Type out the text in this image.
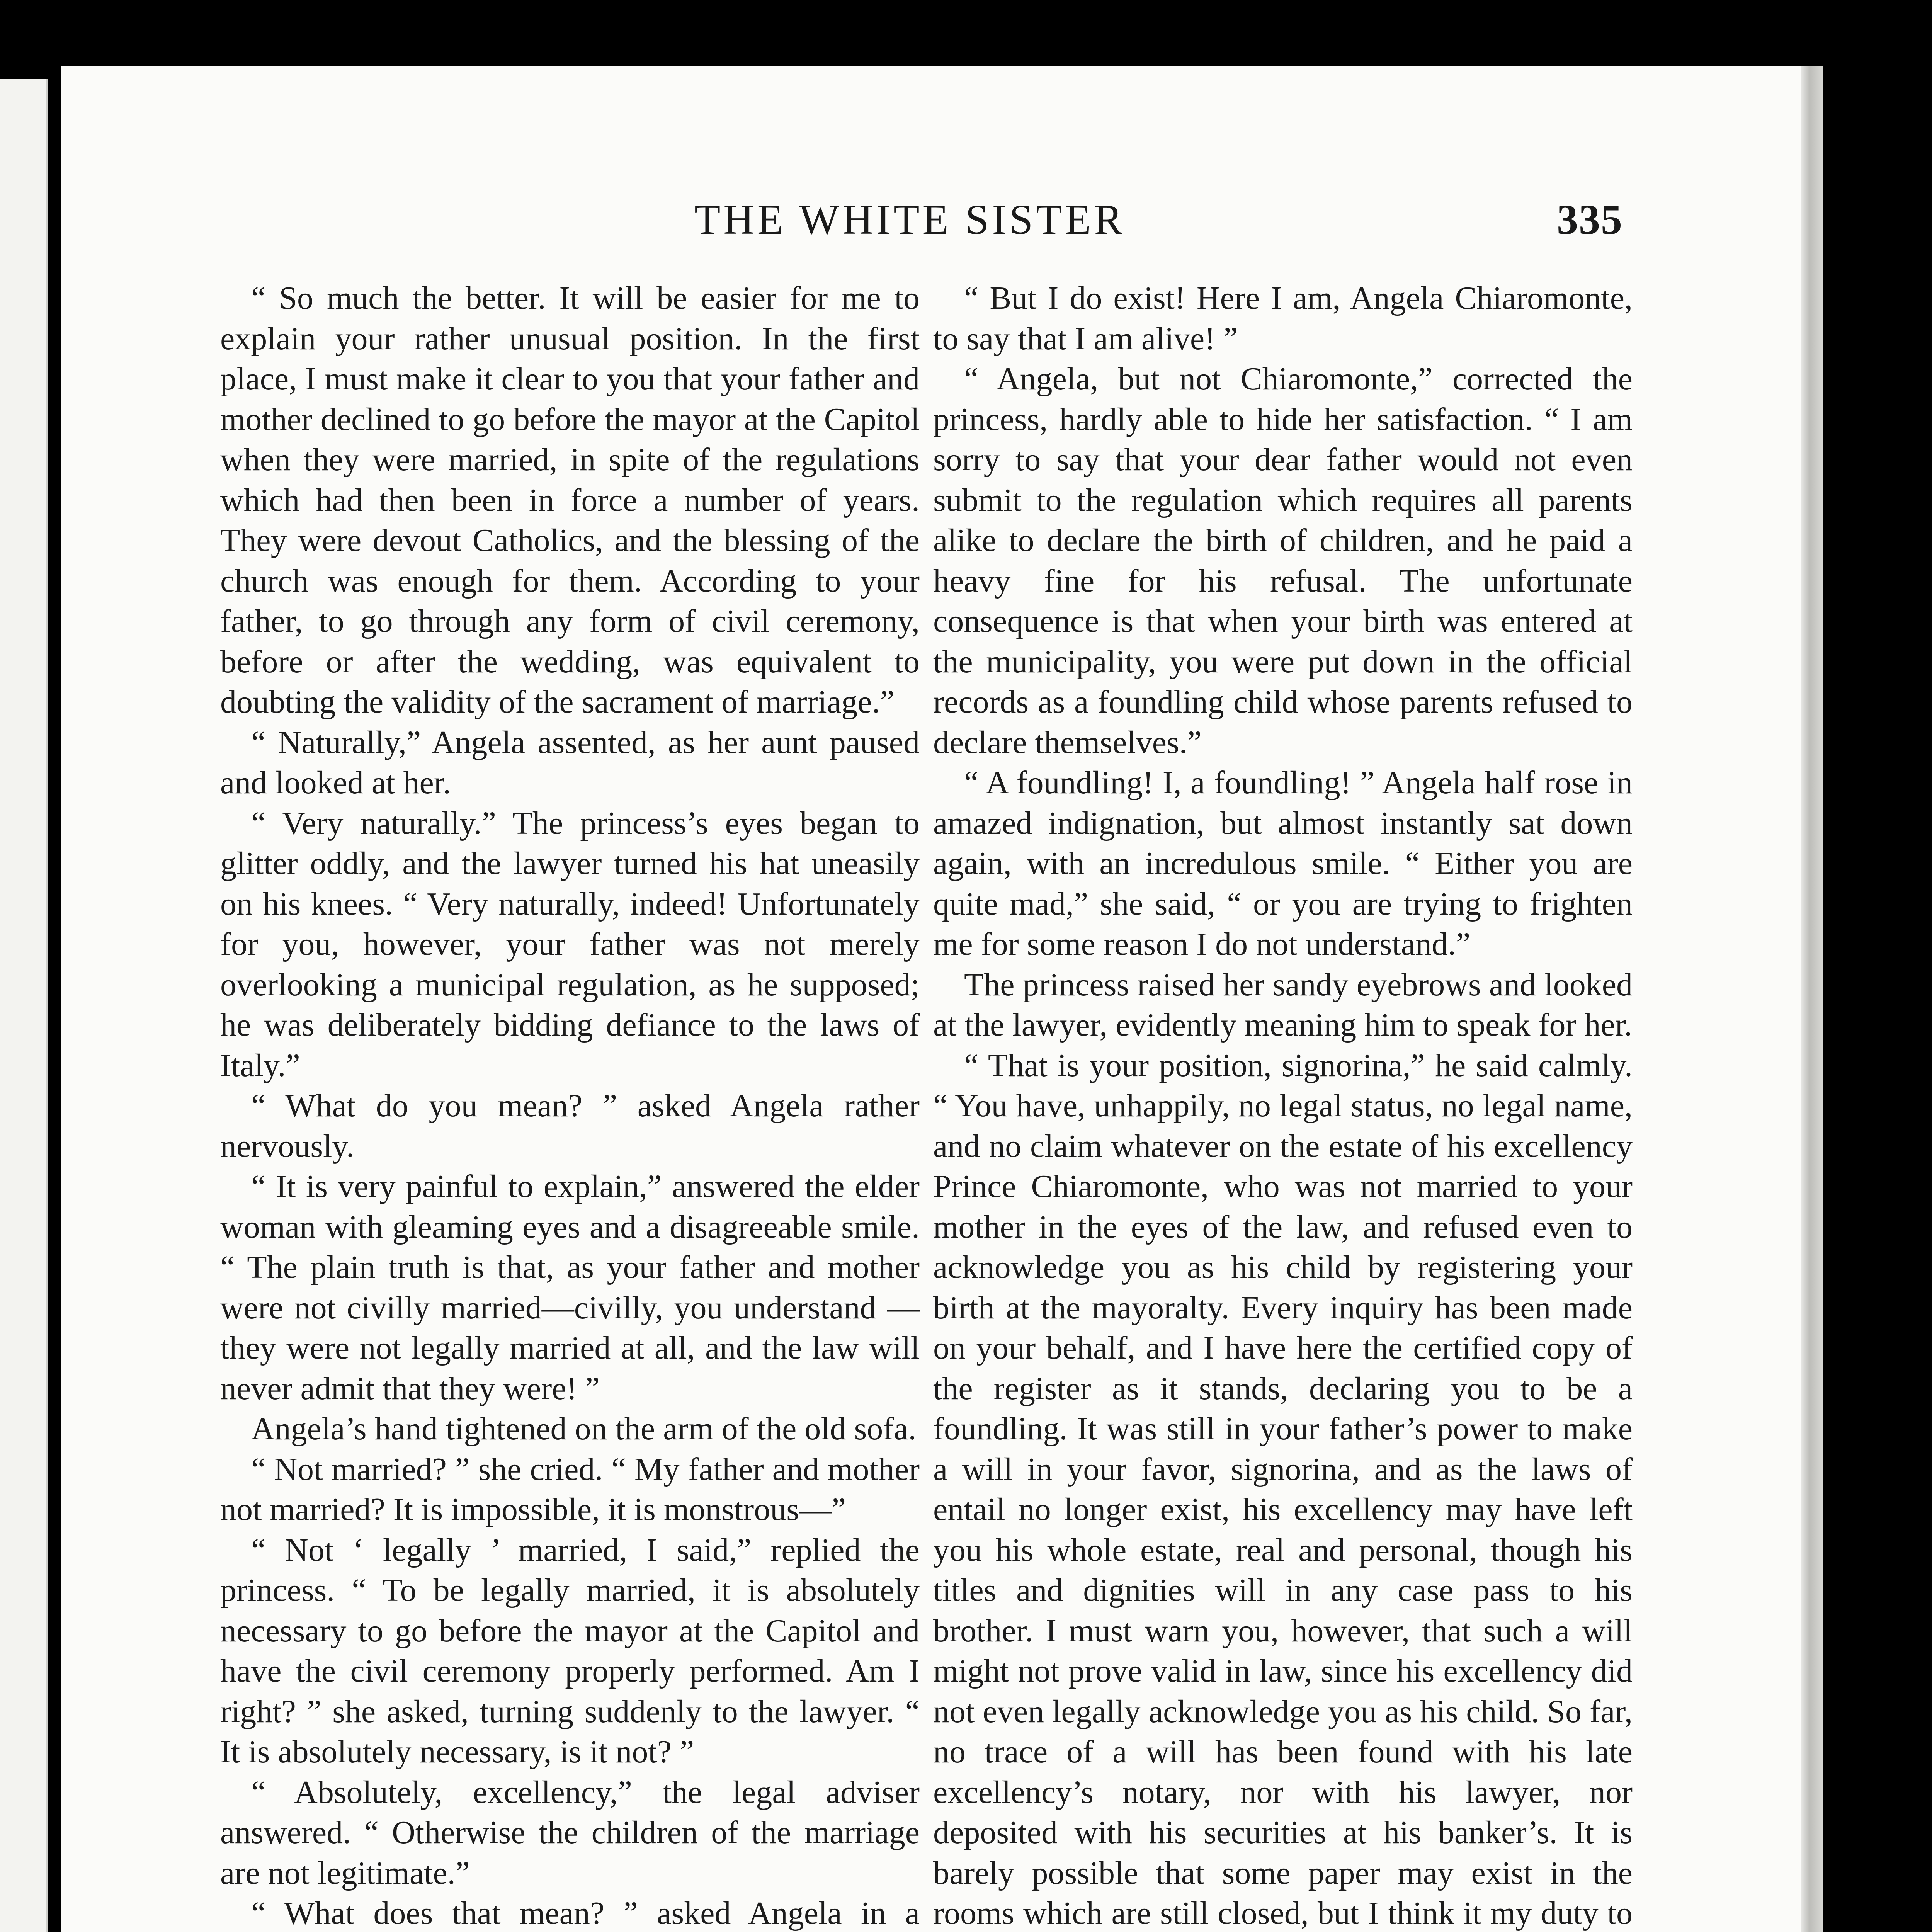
THE WHITE SISTER	335

“ So much the better. It will be easier for me to explain your rather unusual position. In the first place, I must make it clear to you that your father and mother declined to go before the mayor at the Capitol when they were married, in spite of the regulations which had then been in force a number of years. They were devout Catholics, and the blessing of the church was enough for them. According to your father, to go through any form of civil ceremony, before or after the wedding, was equivalent to doubting the validity of the sacrament of marriage.”

“ Naturally,” Angela assented, as her aunt paused and looked at her.

“ Very naturally.” The princess’s eyes began to glitter oddly, and the lawyer turned his hat uneasily on his knees. “ Very naturally, indeed! Unfortunately for you, however, your father was not merely overlooking a municipal regulation, as he supposed; he was deliberately bidding defiance to the laws of Italy.”

“ What do you mean? ” asked Angela rather nervously.

“ It is very painful to explain,” answered the elder woman with gleaming eyes and a disagreeable smile. “ The plain truth is that, as your father and mother were not civilly married—civilly, you understand — they were not legally married at all, and the law will never admit that they were! ”

Angela’s hand tightened on the arm of the old sofa.

“ Not married? ” she cried. “ My father and mother not married? It is impossible, it is monstrous—”

“ Not ‘ legally ’ married, I said,” replied the princess. “ To be legally married, it is absolutely necessary to go before the mayor at the Capitol and have the civil ceremony properly performed. Am I right? ” she asked, turning suddenly to the lawyer. “ It is absolutely necessary, is it not? ”

“ Absolutely, excellency,” the legal adviser answered. “ Otherwise the children of the marriage are not legitimate.”

“ What does that mean? ” asked Angela in a

“ But I do exist! Here I am, Angela Chiaromonte, to say that I am alive! ”

“ Angela, but not Chiaromonte,” corrected the princess, hardly able to hide her satisfaction. “ I am sorry to say that your dear father would not even submit to the regulation which requires all parents alike to declare the birth of children, and he paid a heavy fine for his refusal. The unfortunate consequence is that when your birth was entered at the municipality, you were put down in the official records as a foundling child whose parents refused to declare themselves.”

“ A foundling! I, a foundling! ” Angela half rose in amazed indignation, but almost instantly sat down again, with an incredulous smile. “ Either you are quite mad,” she said, “ or you are trying to frighten me for some reason I do not understand.”

The princess raised her sandy eyebrows and looked at the lawyer, evidently meaning him to speak for her.

“ That is your position, signorina,” he said calmly. “ You have, unhappily, no legal status, no legal name, and no claim whatever on the estate of his excellency Prince Chiaromonte, who was not married to your mother in the eyes of the law, and refused even to acknowledge you as his child by registering your birth at the mayoralty. Every inquiry has been made on your behalf, and I have here the certified copy of the register as it stands, declaring you to be a foundling. It was still in your father’s power to make a will in your favor, signorina, and as the laws of entail no longer exist, his excellency may have left you his whole estate, real and personal, though his titles and dignities will in any case pass to his brother. I must warn you, however, that such a will might not prove valid in law, since his excellency did not even legally acknowledge you as his child. So far, no trace of a will has been found with his late excellency’s notary, nor with his lawyer, nor deposited with his securities at his banker’s. It is barely possible that some paper may exist in the rooms which are still closed, but I think it my duty to
